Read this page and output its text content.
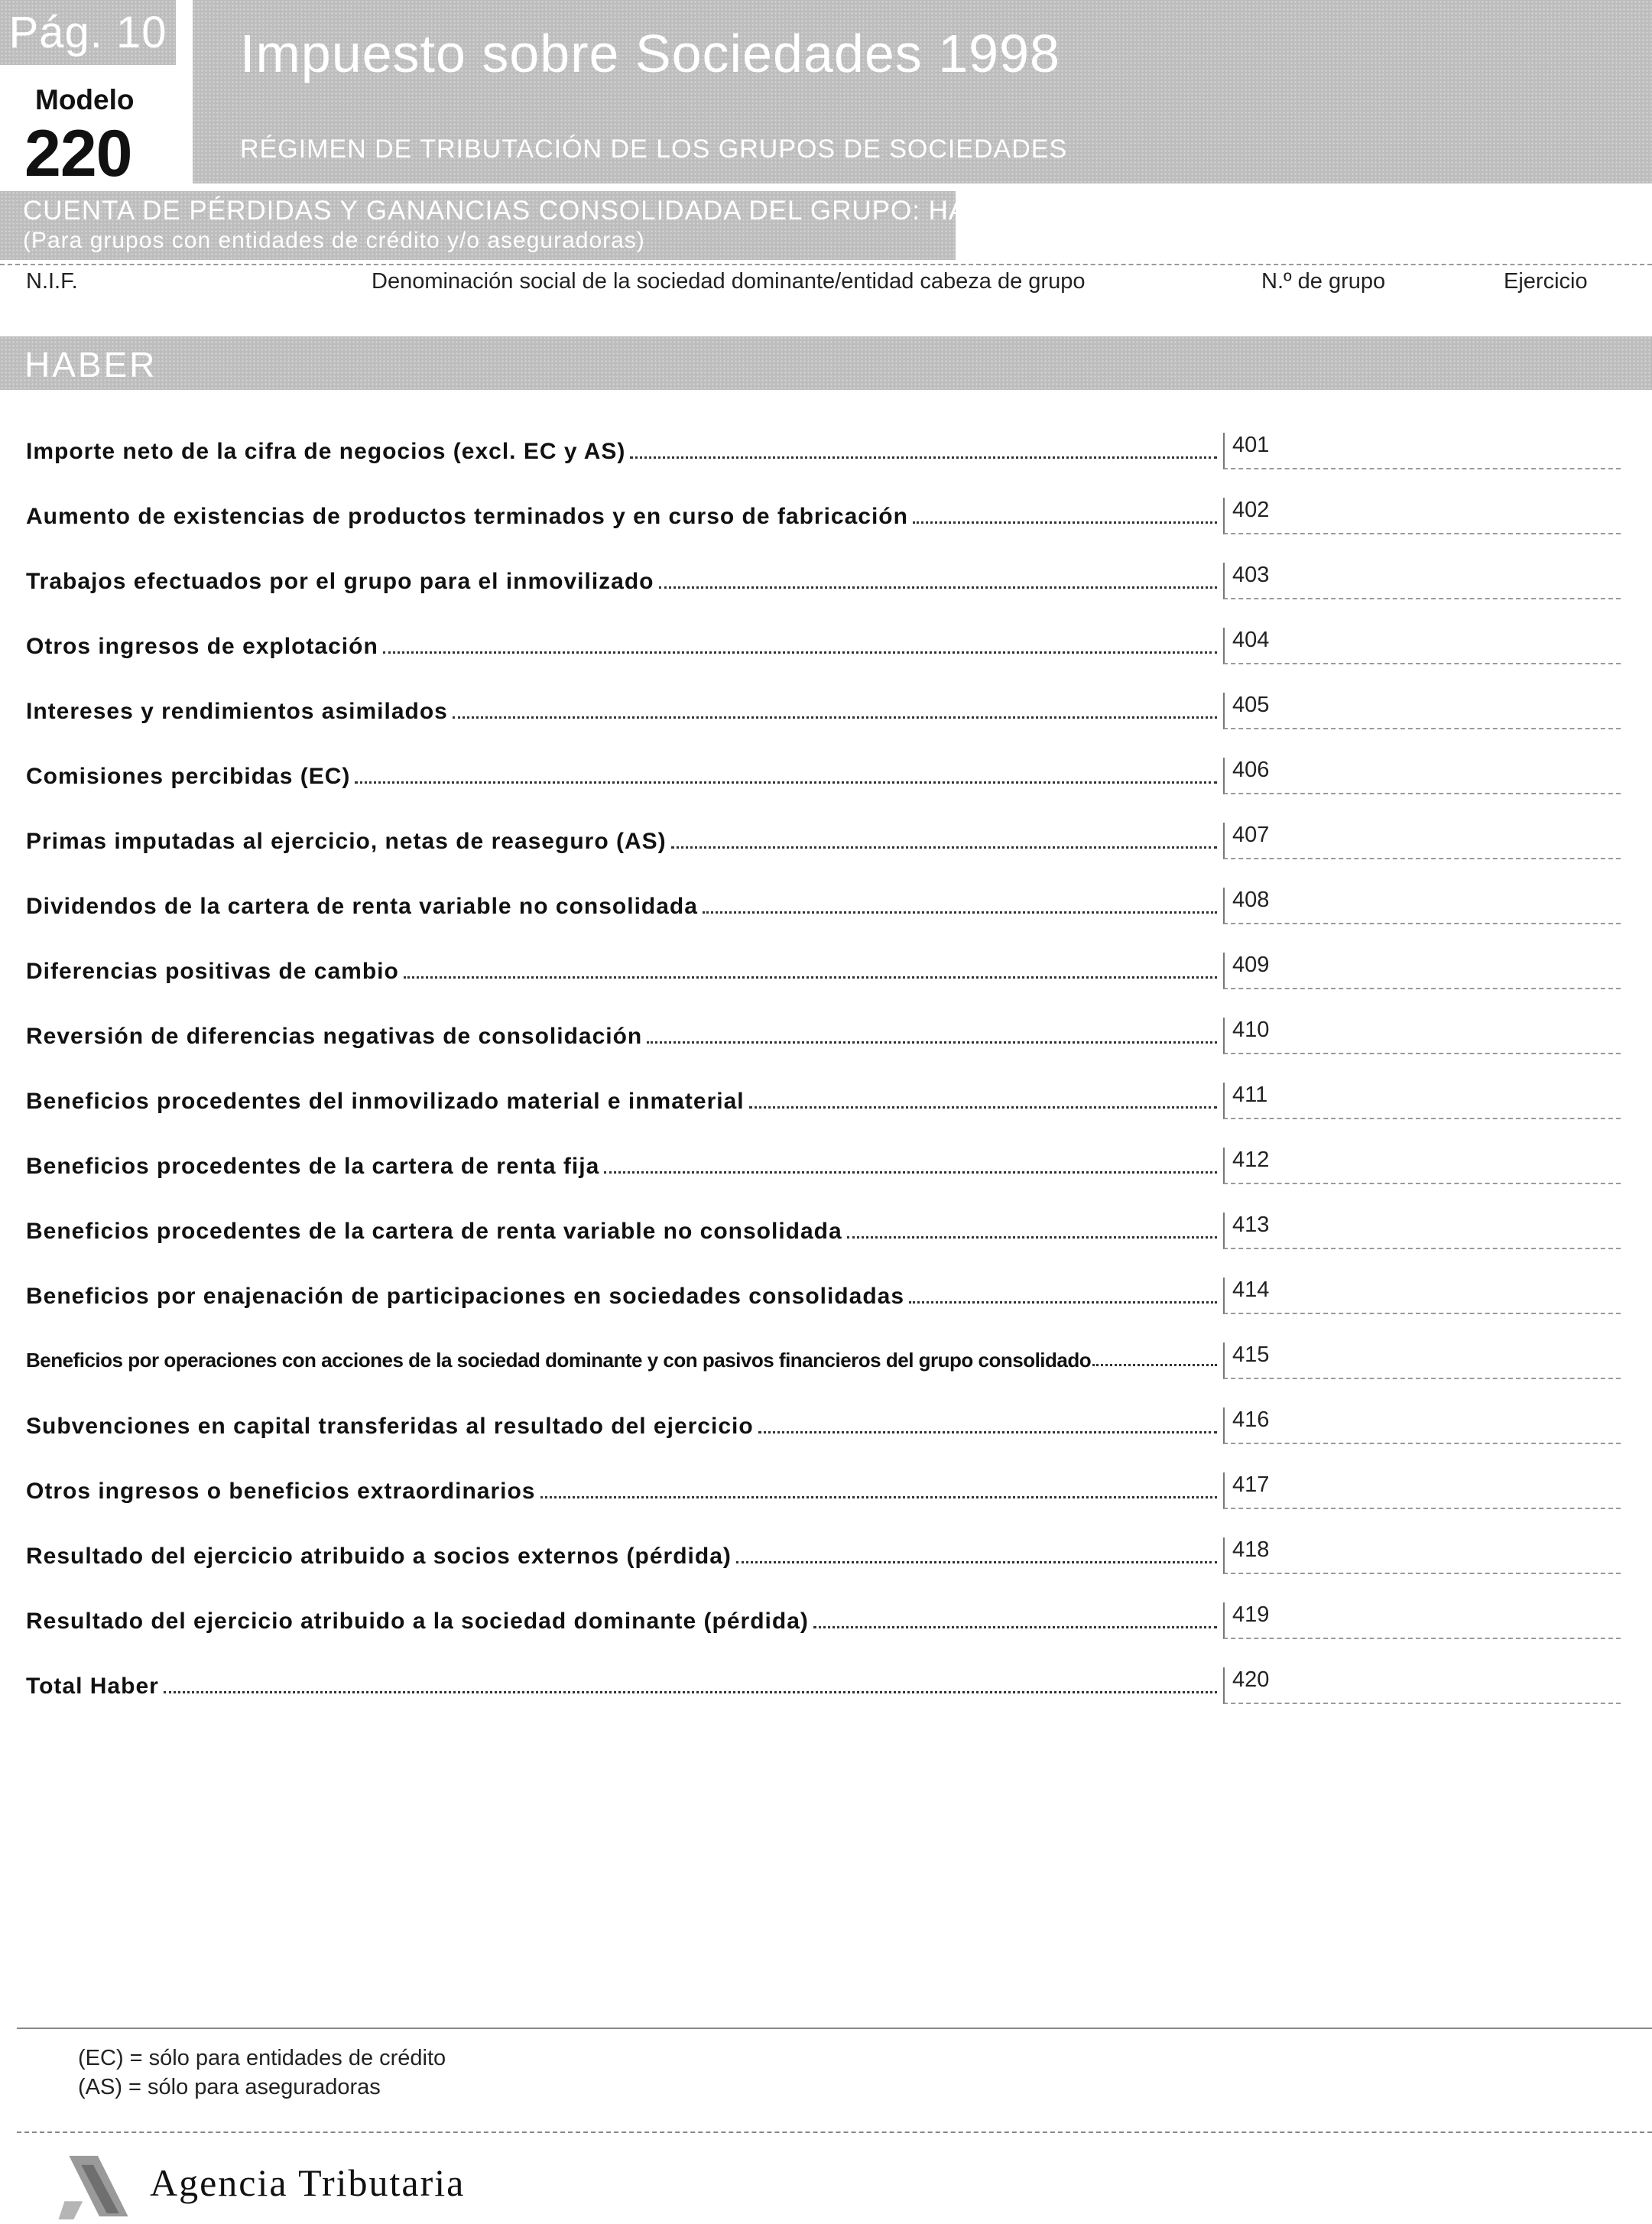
Pág. 10
Modelo
220
Impuesto sobre Sociedades 1998
RÉGIMEN DE TRIBUTACIÓN DE LOS GRUPOS DE SOCIEDADES
CUENTA DE PÉRDIDAS Y GANANCIAS CONSOLIDADA DEL GRUPO: HABER
(Para grupos con entidades de crédito y/o aseguradoras)
N.I.F.	Denominación social de la sociedad dominante/entidad cabeza de grupo	N.º de grupo	Ejercicio
HABER
Importe neto de la cifra de negocios (excl. EC y AS)	401
Aumento de existencias de productos terminados y en curso de fabricación	402
Trabajos efectuados por el grupo para el inmovilizado	403
Otros ingresos de explotación	404
Intereses y rendimientos asimilados	405
Comisiones percibidas (EC)	406
Primas imputadas al ejercicio, netas de reaseguro (AS)	407
Dividendos de la cartera de renta variable no consolidada	408
Diferencias positivas de cambio	409
Reversión de diferencias negativas de consolidación	410
Beneficios procedentes del inmovilizado material e inmaterial	411
Beneficios procedentes de la cartera de renta fija	412
Beneficios procedentes de la cartera de renta variable no consolidada	413
Beneficios por enajenación de participaciones en sociedades consolidadas	414
Beneficios por operaciones con acciones de la sociedad dominante y con pasivos financieros del grupo consolidado	415
Subvenciones en capital transferidas al resultado del ejercicio	416
Otros ingresos o beneficios extraordinarios	417
Resultado del ejercicio atribuido a socios externos (pérdida)	418
Resultado del ejercicio atribuido a la sociedad dominante (pérdida)	419
Total Haber	420
(EC) = sólo para entidades de crédito
(AS) = sólo para aseguradoras
Agencia Tributaria
